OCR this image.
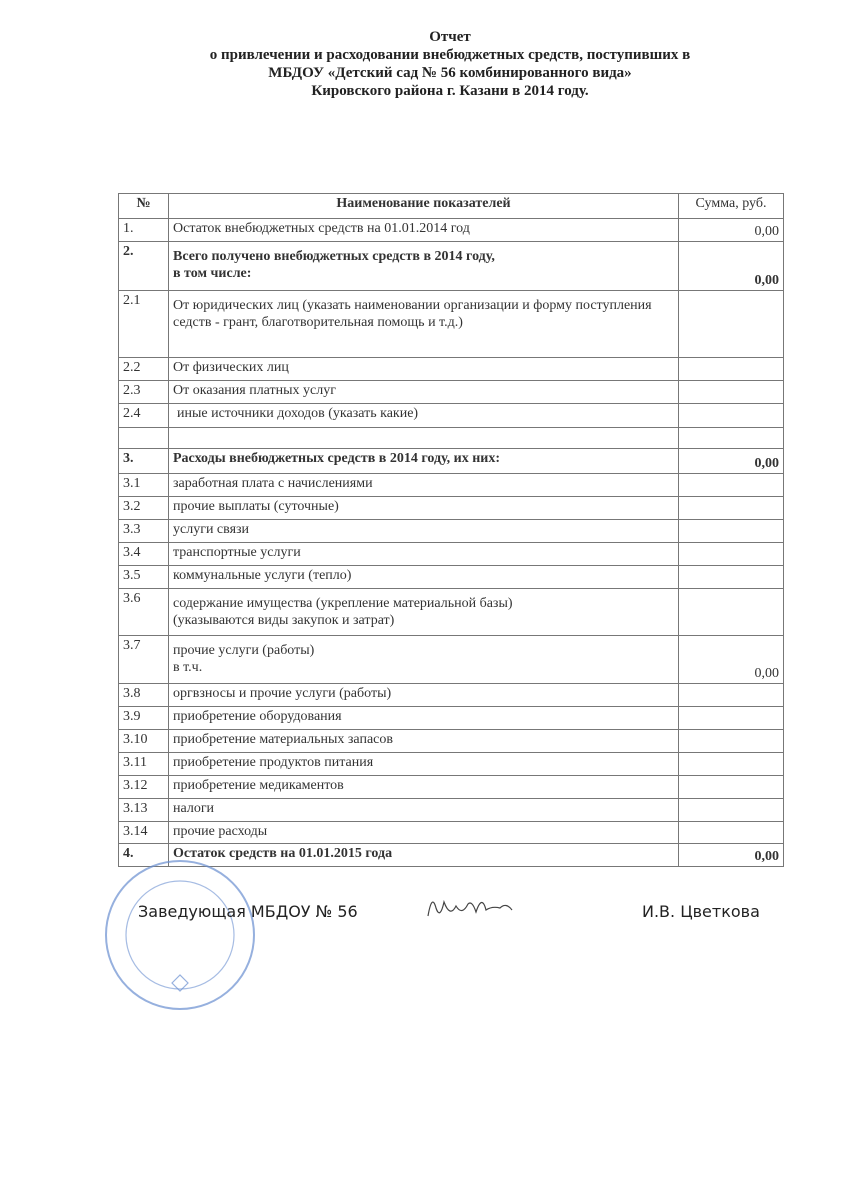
Отчет
о привлечении и расходовании внебюджетных средств, поступивших в
МБДОУ «Детский сад № 56 комбинированного вида»
Кировского района г. Казани в 2014 году.
№	Наименование показателей	Сумма, руб.
1.	Остаток внебюджетных средств на 01.01.2014 год	0,00
2.	Всего получено внебюджетных средств в 2014 году,
в том числе:	0,00
2.1	От юридических лиц (указать наименовании организации и форму поступления седств - грант, благотворительная помощь и т.д.)	

2.2	От физических лиц	

2.3	От оказания платных услуг	

2.4	иные источники доходов (указать какие)	

3.	Расходы внебюджетных средств в 2014 году, их них:	0,00
3.1	заработная плата с начислениями	

3.2	прочие выплаты (суточные)	

3.3	услуги связи	

3.4	транспортные услуги	

3.5	коммунальные услуги (тепло)	

3.6	содержание имущества (укрепление материальной базы)
(указываются виды закупок и затрат)	

3.7	прочие услуги (работы)
в т.ч.	0,00
3.8	оргвзносы и прочие услуги (работы)	

3.9	приобретение оборудования	

3.10	приобретение материальных запасов	

3.11	приобретение продуктов питания	

3.12	приобретение медикаментов	

3.13	налоги	

3.14	прочие расходы	

4.	Остаток средств на 01.01.2015 года	0,00
Заведующая МБДОУ № 56	И.В. Цветкова
